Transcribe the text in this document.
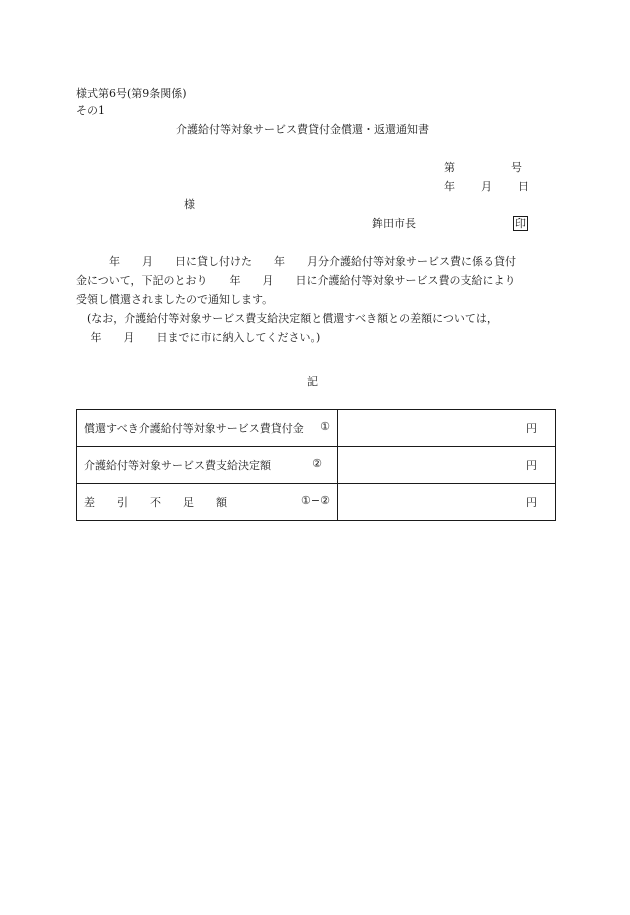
様式第6号(第9条関係)
その1
介護給付等対象サービス費貸付金償還・返還通知書
第	号
年 月 日
様
鉾田市長	印
　　　年　　月　　日に貸し付けた　　年　　月分介護給付等対象サービス費に係る貸付
金について，下記のとおり　　年　　月　　日に介護給付等対象サービス費の支給により
受領し償還されましたので通知します。
　(なお，介護給付等対象サービス費支給決定額と償還すべき額との差額については，
　 年　　月　　日までに市に納入してください。)
記
償還すべき介護給付等対象サービス費貸付金 ①	円

介護給付等対象サービス費支給決定額 ②	円

差　　引　　不　　足　　額 ①−②	円
